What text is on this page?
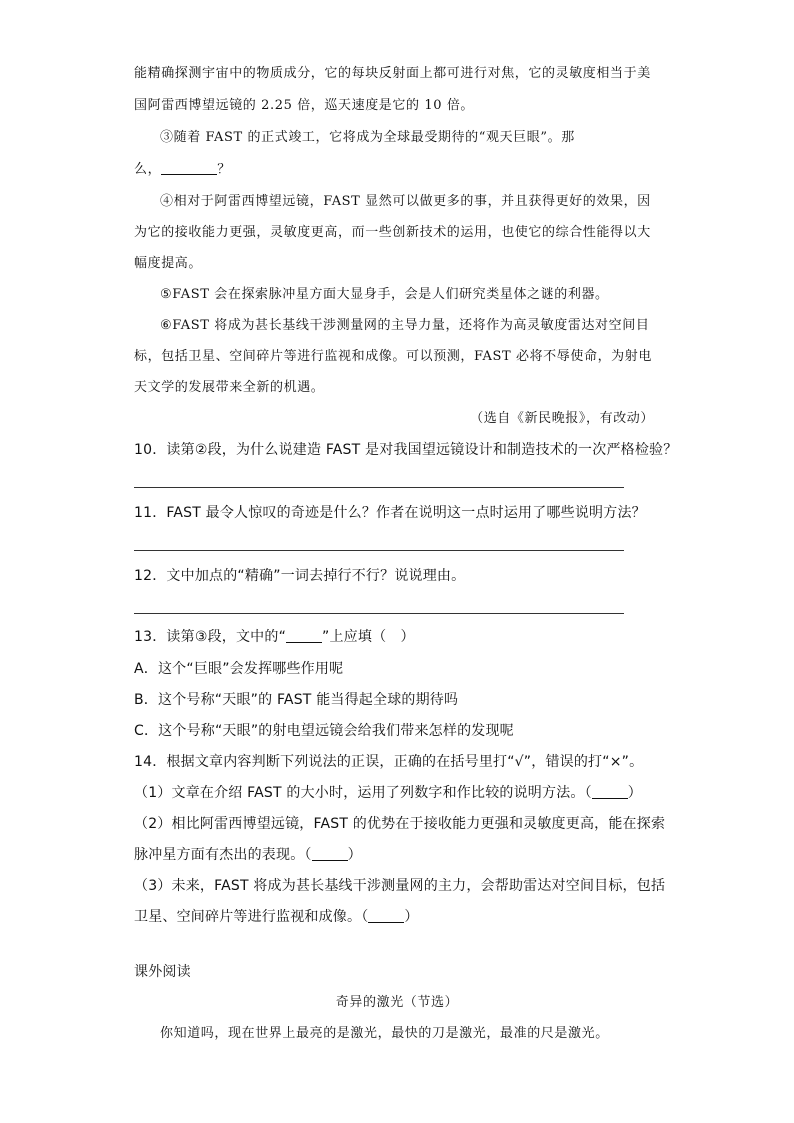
能精确探测宇宙中的物质成分，它的每块反射面上都可进行对焦，它的灵敏度相当于美
国阿雷西博望远镜的 2.25 倍，巡天速度是它的 10 倍。
③随着 FAST 的正式竣工，它将成为全球最受期待的“观天巨眼”。那
么，	？
④相对于阿雷西博望远镜，FAST 显然可以做更多的事，并且获得更好的效果，因
为它的接收能力更强，灵敏度更高，而一些创新技术的运用，也使它的综合性能得以大
幅度提高。
⑤FAST 会在探索脉冲星方面大显身手，会是人们研究类星体之谜的利器。
⑥FAST 将成为甚长基线干涉测量网的主导力量，还将作为高灵敏度雷达对空间目
标，包括卫星、空间碎片等进行监视和成像。可以预测，FAST 必将不辱使命，为射电
天文学的发展带来全新的机遇。
（选自《新民晚报》，有改动）
10．读第②段，为什么说建造 FAST 是对我国望远镜设计和制造技术的一次严格检验？
11．FAST 最令人惊叹的奇迹是什么？作者在说明这一点时运用了哪些说明方法？
12．文中加点的“精确”一词去掉行不行？说说理由。
13．读第③段，文中的“	”上应填（　）
A．这个“巨眼”会发挥哪些作用呢
B．这个号称“天眼”的 FAST 能当得起全球的期待吗
C．这个号称“天眼”的射电望远镜会给我们带来怎样的发现呢
14．根据文章内容判断下列说法的正误，正确的在括号里打“√”，错误的打“×”。
（1）文章在介绍 FAST 的大小时，运用了列数字和作比较的说明方法。（	）
（2）相比阿雷西博望远镜，FAST 的优势在于接收能力更强和灵敏度更高，能在探索
脉冲星方面有杰出的表现。（	）
（3）未来，FAST 将成为甚长基线干涉测量网的主力，会帮助雷达对空间目标，包括
卫星、空间碎片等进行监视和成像。（	）
课外阅读
奇异的激光（节选）
你知道吗，现在世界上最亮的是激光，最快的刀是激光，最准的尺是激光。
